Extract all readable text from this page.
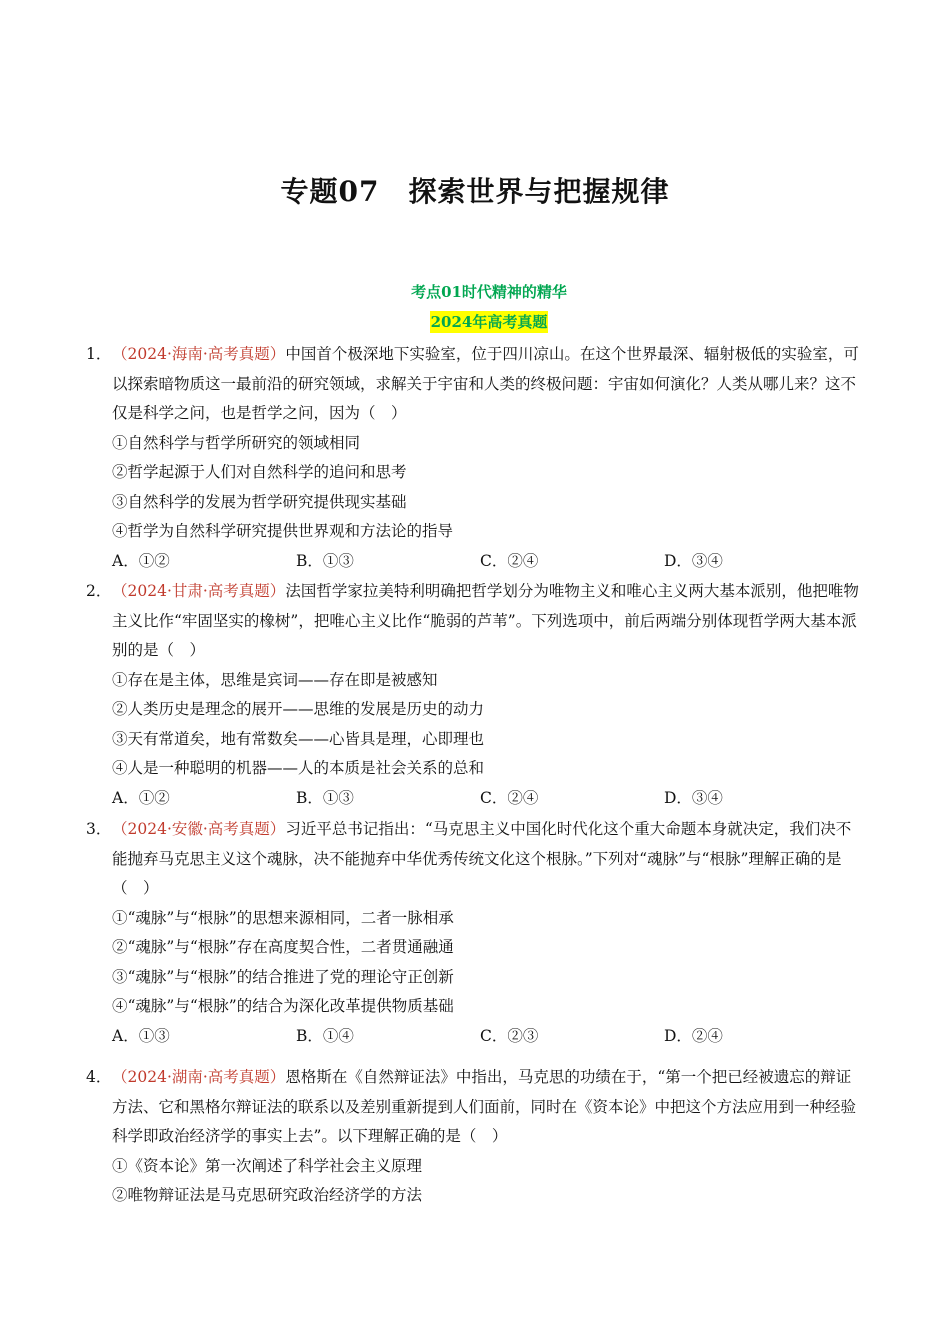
专题07　探索世界与把握规律
考点01时代精神的精华
2024年高考真题
1． （2024·海南·高考真题）中国首个极深地下实验室，位于四川凉山。在这个世界最深、辐射极低的实验室，可以探索暗物质这一最前沿的研究领域，求解关于宇宙和人类的终极问题：宇宙如何演化？人类从哪儿来？这不仅是科学之问，也是哲学之问，因为（　）
①自然科学与哲学所研究的领域相同
②哲学起源于人们对自然科学的追问和思考
③自然科学的发展为哲学研究提供现实基础
④哲学为自然科学研究提供世界观和方法论的指导
A．①②	B．①③	C．②④	D．③④
2． （2024·甘肃·高考真题）法国哲学家拉美特利明确把哲学划分为唯物主义和唯心主义两大基本派别，他把唯物主义比作“牢固坚实的橡树”，把唯心主义比作“脆弱的芦苇”。下列选项中，前后两端分别体现哲学两大基本派别的是（　）
①存在是主体，思维是宾词——存在即是被感知
②人类历史是理念的展开——思维的发展是历史的动力
③天有常道矣，地有常数矣——心皆具是理，心即理也
④人是一种聪明的机器——人的本质是社会关系的总和
A．①②	B．①③	C．②④	D．③④
3． （2024·安徽·高考真题）习近平总书记指出：“马克思主义中国化时代化这个重大命题本身就决定，我们决不能抛弃马克思主义这个魂脉，决不能抛弃中华优秀传统文化这个根脉。”下列对“魂脉”与“根脉”理解正确的是（　）
①“魂脉”与“根脉”的思想来源相同，二者一脉相承
②“魂脉”与“根脉”存在高度契合性，二者贯通融通
③“魂脉”与“根脉”的结合推进了党的理论守正创新
④“魂脉”与“根脉”的结合为深化改革提供物质基础
A．①③	B．①④	C．②③	D．②④
4． （2024·湖南·高考真题）恩格斯在《自然辩证法》中指出，马克思的功绩在于，“第一个把已经被遗忘的辩证方法、它和黑格尔辩证法的联系以及差别重新提到人们面前，同时在《资本论》中把这个方法应用到一种经验科学即政治经济学的事实上去”。以下理解正确的是（　）
①《资本论》第一次阐述了科学社会主义原理
②唯物辩证法是马克思研究政治经济学的方法
